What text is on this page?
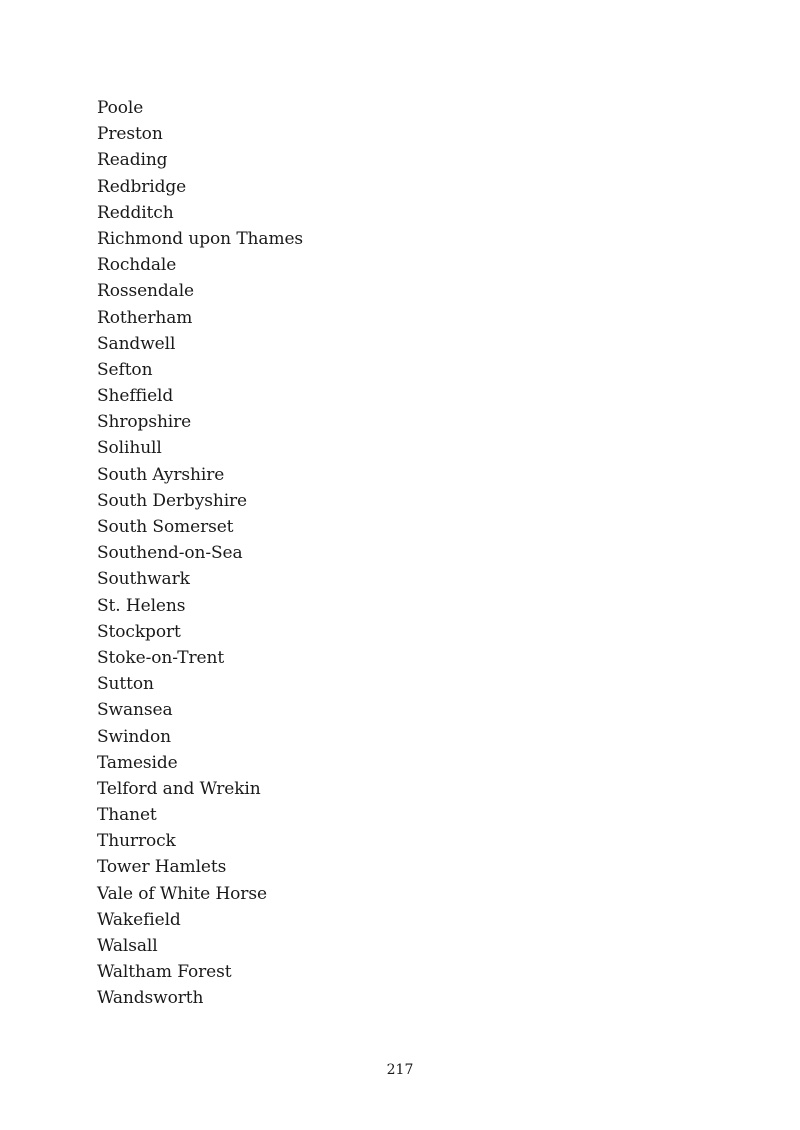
Poole
Preston
Reading
Redbridge
Redditch
Richmond upon Thames
Rochdale
Rossendale
Rotherham
Sandwell
Sefton
Sheffield
Shropshire
Solihull
South Ayrshire
South Derbyshire
South Somerset
Southend-on-Sea
Southwark
St. Helens
Stockport
Stoke-on-Trent
Sutton
Swansea
Swindon
Tameside
Telford and Wrekin
Thanet
Thurrock
Tower Hamlets
Vale of White Horse
Wakefield
Walsall
Waltham Forest
Wandsworth
217
